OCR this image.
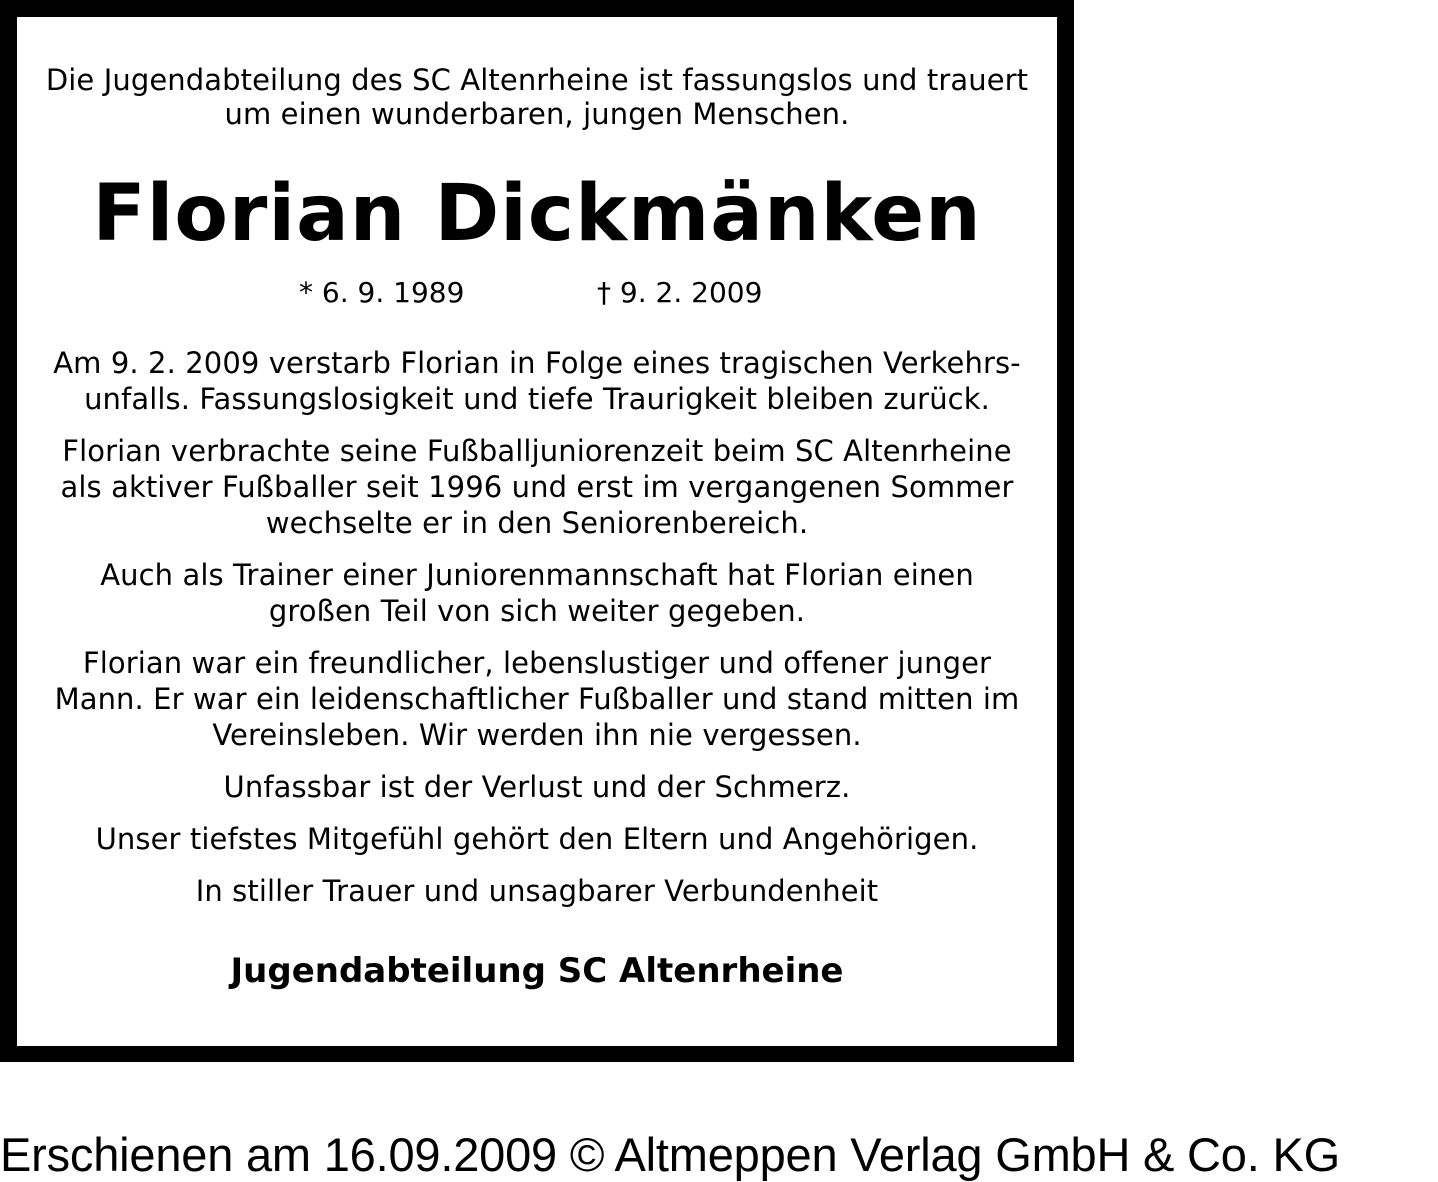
Die Jugendabteilung des SC Altenrheine ist fassungslos und trauert
um einen wunderbaren, jungen Menschen.
Florian Dickmänken
* 6. 9. 1989	† 9. 2. 2009
Am 9. 2. 2009 verstarb Florian in Folge eines tragischen Verkehrs-
unfalls. Fassungslosigkeit und tiefe Traurigkeit bleiben zurück.
Florian verbrachte seine Fußballjuniorenzeit beim SC Altenrheine
als aktiver Fußballer seit 1996 und erst im vergangenen Sommer
wechselte er in den Seniorenbereich.
Auch als Trainer einer Juniorenmannschaft hat Florian einen
großen Teil von sich weiter gegeben.
Florian war ein freundlicher, lebenslustiger und offener junger
Mann. Er war ein leidenschaftlicher Fußballer und stand mitten im
Vereinsleben. Wir werden ihn nie vergessen.
Unfassbar ist der Verlust und der Schmerz.
Unser tiefstes Mitgefühl gehört den Eltern und Angehörigen.
In stiller Trauer und unsagbarer Verbundenheit
Jugendabteilung SC Altenrheine
Erschienen am 16.09.2009 © Altmeppen Verlag GmbH & Co. KG
